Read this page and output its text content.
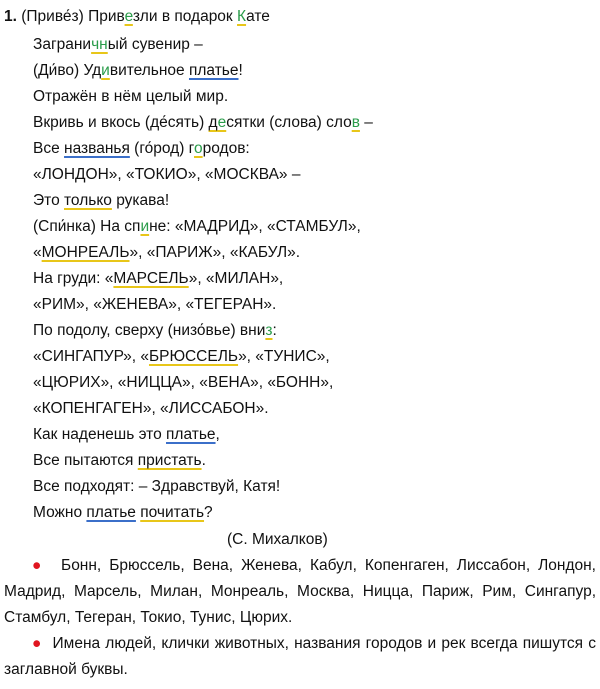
1. (Приве́з) Привезли в подарок Кате
Заграничный сувенир –
(Ди́во) Удивительное платье!
Отражён в нём целый мир.
Вкривь и вкось (де́сять) десятки (слова) слов –
Все названья (го́род) городов:
«ЛОНДОН», «ТОКИО», «МОСКВА» –
Это только рукава!
(Спи́нка) На спине: «МАДРИД», «СТАМБУЛ»,
«МОНРЕАЛЬ», «ПАРИЖ», «КАБУЛ».
На груди: «МАРСЕЛЬ», «МИЛАН»,
«РИМ», «ЖЕНЕВА», «ТЕГЕРАН».
По подолу, сверху (низо́вье) вниз:
«СИНГАПУР», «БРЮССЕЛЬ», «ТУНИС»,
«ЦЮРИХ», «НИЦЦА», «ВЕНА», «БОНН»,
«КОПЕНГАГЕН», «ЛИССАБОН».
Как наденешь это платье,
Все пытаются пристать.
Все подходят: – Здравствуй, Катя!
Можно платье почитать?
(С. Михалков)
● Бонн, Брюссель, Вена, Женева, Кабул, Копенгаген, Лиссабон, Лондон, Мадрид, Марсель, Милан, Монреаль, Москва, Ницца, Париж, Рим, Сингапур, Стамбул, Тегеран, Токио, Тунис, Цюрих.
● Имена людей, клички животных, названия городов и рек всегда пишутся с заглавной буквы.
